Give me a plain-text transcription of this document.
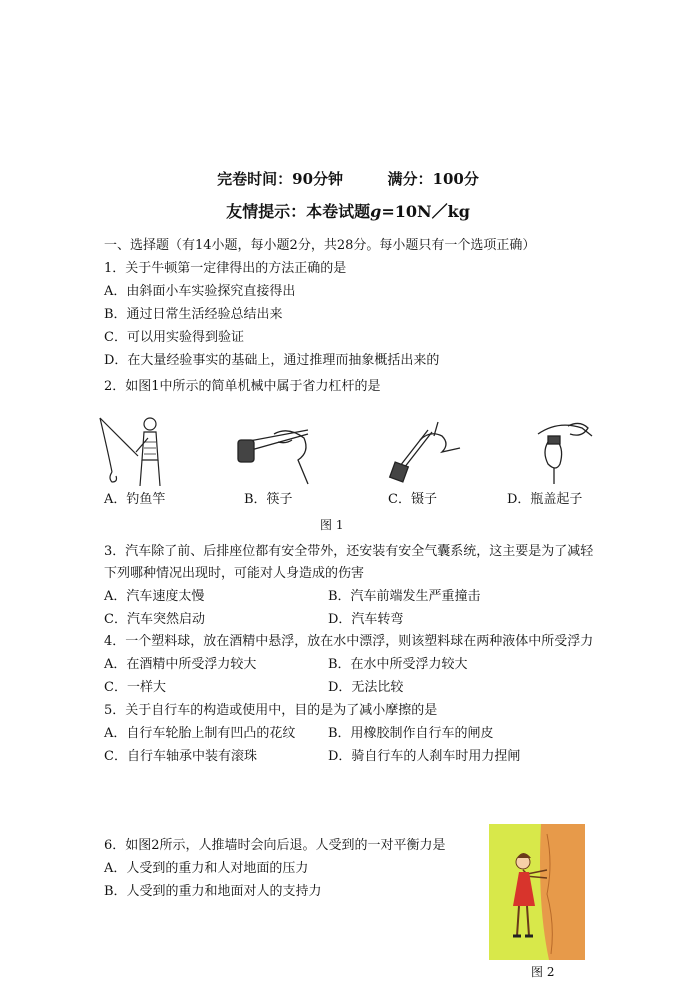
完卷时间：90分钟	满分：100分
友情提示：本卷试题g=10N／kg
一、选择题（有14小题，每小题2分，共28分。每小题只有一个选项正确）
1．关于牛顿第一定律得出的方法正确的是
A．由斜面小车实验探究直接得出
B．通过日常生活经验总结出来
C．可以用实验得到验证
D．在大量经验事实的基础上，通过推理而抽象概括出来的
2．如图1中所示的简单机械中属于省力杠杆的是
A．钓鱼竿	B．筷子	C．镊子	D．瓶盖起子
图 1
3．汽车除了前、后排座位都有安全带外，还安装有安全气囊系统，这主要是为了减轻
下列哪种情况出现时，可能对人身造成的伤害
A．汽车速度太慢	B．汽车前端发生严重撞击
C．汽车突然启动	D．汽车转弯
4．一个塑料球，放在酒精中悬浮，放在水中漂浮，则该塑料球在两种液体中所受浮力
A．在酒精中所受浮力较大	B．在水中所受浮力较大
C．一样大	D．无法比较
5．关于自行车的构造或使用中，目的是为了减小摩擦的是
A．自行车轮胎上制有凹凸的花纹	B．用橡胶制作自行车的闸皮
C．自行车轴承中装有滚珠	D．骑自行车的人刹车时用力捏闸
6．如图2所示，人推墙时会向后退。人受到的一对平衡力是
A．人受到的重力和人对地面的压力
B．人受到的重力和地面对人的支持力
图 2
